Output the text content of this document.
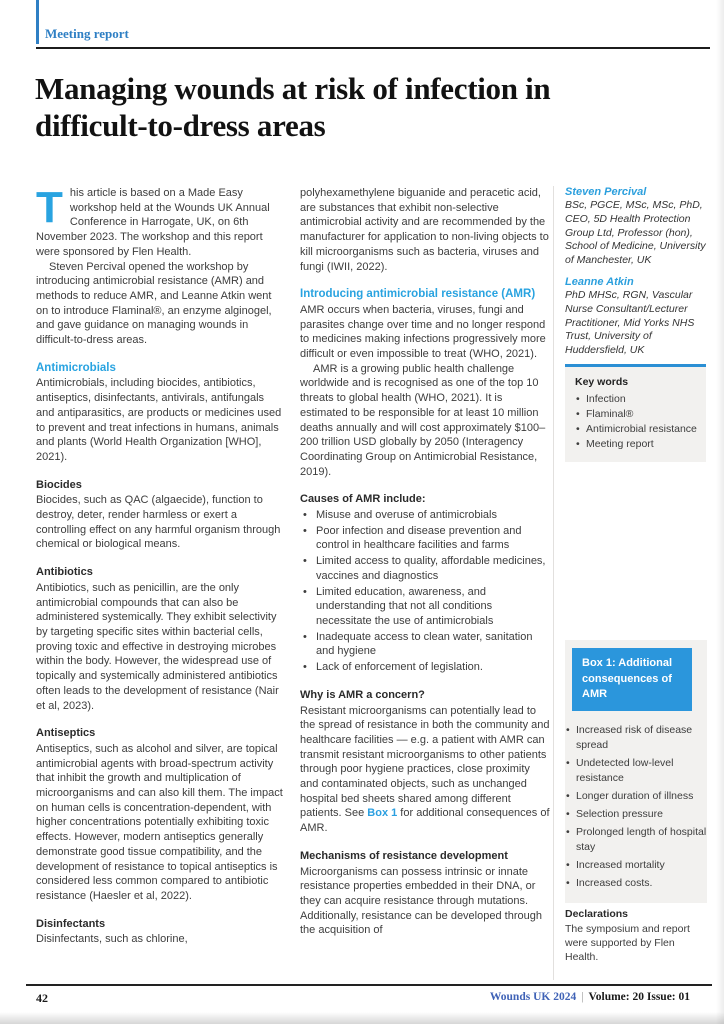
Meeting report
Managing wounds at risk of infection in
difficult-to-dress areas

T his article is based on a Made Easy workshop held at the Wounds UK Annual Conference in Harrogate, UK, on 6th November 2023. The workshop and this report were sponsored by Flen Health.

Steven Percival opened the workshop by introducing antimicrobial resistance (AMR) and methods to reduce AMR, and Leanne Atkin went on to introduce Flaminal®, an enzyme alginogel, and gave guidance on managing wounds in difficult-to-dress areas.

Antimicrobials

Antimicrobials, including biocides, antibiotics, antiseptics, disinfectants, antivirals, antifungals and antiparasitics, are products or medicines used to prevent and treat infections in humans, animals and plants (World Health Organization [WHO], 2021).

Biocides

Biocides, such as QAC (algaecide), function to destroy, deter, render harmless or exert a controlling effect on any harmful organism through chemical or biological means.

Antibiotics

Antibiotics, such as penicillin, are the only antimicrobial compounds that can also be administered systemically. They exhibit selectivity by targeting specific sites within bacterial cells, proving toxic and effective in destroying microbes within the body. However, the widespread use of topically and systemically administered antibiotics often leads to the development of resistance (Nair et al, 2023).

Antiseptics

Antiseptics, such as alcohol and silver, are topical antimicrobial agents with broad-spectrum activity that inhibit the growth and multiplication of microorganisms and can also kill them. The impact on human cells is concentration-dependent, with higher concentrations potentially exhibiting toxic effects. However, modern antiseptics generally demonstrate good tissue compatibility, and the development of resistance to topical antiseptics is considered less common compared to antibiotic resistance (Haesler et al, 2022).

Disinfectants

Disinfectants, such as chlorine,

polyhexamethylene biguanide and peracetic acid, are substances that exhibit non-selective antimicrobial activity and are recommended by the manufacturer for application to non-living objects to kill microorganisms such as bacteria, viruses and fungi (IWII, 2022).

Introducing antimicrobial resistance (AMR)

AMR occurs when bacteria, viruses, fungi and parasites change over time and no longer respond to medicines making infections progressively more difficult or even impossible to treat (WHO, 2021).

AMR is a growing public health challenge worldwide and is recognised as one of the top 10 threats to global health (WHO, 2021). It is estimated to be responsible for at least 10 million deaths annually and will cost approximately $100–200 trillion USD globally by 2050 (Interagency Coordinating Group on Antimicrobial Resistance, 2019).

Causes of AMR include:
• Misuse and overuse of antimicrobials
• Poor infection and disease prevention and control in healthcare facilities and farms
• Limited access to quality, affordable medicines, vaccines and diagnostics
• Limited education, awareness, and understanding that not all conditions necessitate the use of antimicrobials
• Inadequate access to clean water, sanitation and hygiene
• Lack of enforcement of legislation.
Why is AMR a concern?

Resistant microorganisms can potentially lead to the spread of resistance in both the community and healthcare facilities — e.g. a patient with AMR can transmit resistant microorganisms to other patients through poor hygiene practices, close proximity and contaminated objects, such as unchanged hospital bed sheets shared among different patients. See Box 1 for additional consequences of AMR.

Mechanisms of resistance development

Microorganisms can possess intrinsic or innate resistance properties embedded in their DNA, or they can acquire resistance through mutations. Additionally, resistance can be developed through the acquisition of

Steven Percival
BSc, PGCE, MSc, MSc, PhD, CEO, 5D Health Protection Group Ltd, Professor (hon), School of Medicine, University of Manchester, UK
Leanne Atkin
PhD MHSc, RGN, Vascular Nurse Consultant/Lecturer Practitioner, Mid Yorks NHS Trust, University of Huddersfield, UK
Key words
• Infection
• Flaminal®
• Antimicrobial resistance
• Meeting report
Box 1: Additional consequences of AMR
• Increased risk of disease spread
• Undetected low-level resistance
• Longer duration of illness
• Selection pressure
• Prolonged length of hospital stay
• Increased mortality
• Increased costs.
Declarations

The symposium and report were supported by Flen Health.

42	Wounds UK 2024 | Volume: 20 Issue: 01
